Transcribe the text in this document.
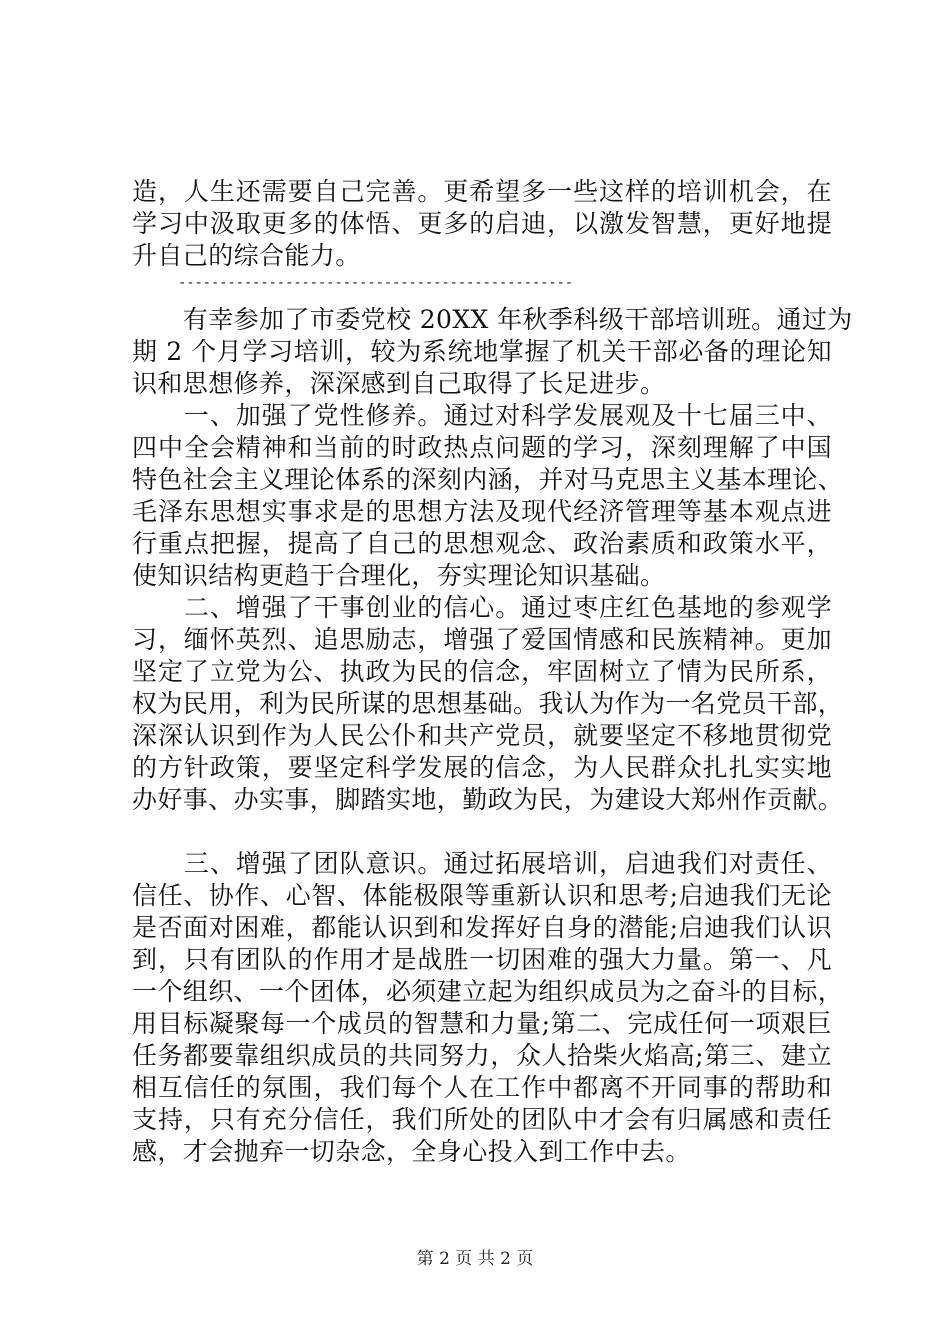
造，人生还需要自己完善。更希望多一些这样的培训机会，在
学习中汲取更多的体悟、更多的启迪，以激发智慧，更好地提
升自己的综合能力。
------------------------------------------------
　　有幸参加了市委党校 20XX 年秋季科级干部培训班。通过为
期 2 个月学习培训，较为系统地掌握了机关干部必备的理论知
识和思想修养，深深感到自己取得了长足进步。
　　一、加强了党性修养。通过对科学发展观及十七届三中、
四中全会精神和当前的时政热点问题的学习，深刻理解了中国
特色社会主义理论体系的深刻内涵，并对马克思主义基本理论、
毛泽东思想实事求是的思想方法及现代经济管理等基本观点进
行重点把握，提高了自己的思想观念、政治素质和政策水平，
使知识结构更趋于合理化，夯实理论知识基础。
　　二、增强了干事创业的信心。通过枣庄红色基地的参观学
习，缅怀英烈、追思励志，增强了爱国情感和民族精神。更加
坚定了立党为公、执政为民的信念，牢固树立了情为民所系，
权为民用，利为民所谋的思想基础。我认为作为一名党员干部，
深深认识到作为人民公仆和共产党员，就要坚定不移地贯彻党
的方针政策，要坚定科学发展的信念，为人民群众扎扎实实地
办好事、办实事，脚踏实地，勤政为民，为建设大郑州作贡献。
　　三、增强了团队意识。通过拓展培训，启迪我们对责任、
信任、协作、心智、体能极限等重新认识和思考;启迪我们无论
是否面对困难，都能认识到和发挥好自身的潜能;启迪我们认识
到，只有团队的作用才是战胜一切困难的强大力量。第一、凡
一个组织、一个团体，必须建立起为组织成员为之奋斗的目标，
用目标凝聚每一个成员的智慧和力量;第二、完成任何一项艰巨
任务都要靠组织成员的共同努力，众人拾柴火焰高;第三、建立
相互信任的氛围，我们每个人在工作中都离不开同事的帮助和
支持，只有充分信任，我们所处的团队中才会有归属感和责任
感，才会抛弃一切杂念，全身心投入到工作中去。
第 2 页 共 2 页
